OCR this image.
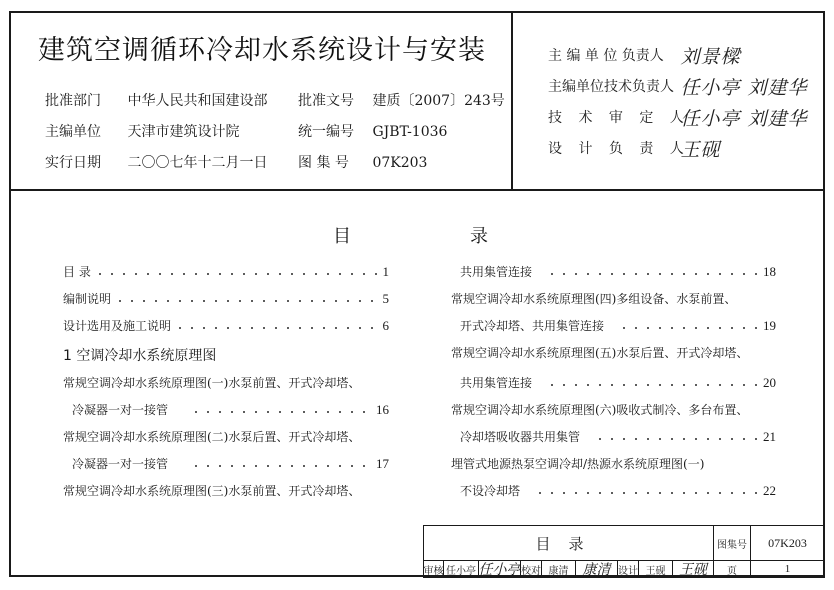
建筑空调循环冷却水系统设计与安装
批准部门 中华人民共和国建设部
主编单位 天津市建筑设计院
实行日期 二〇〇七年十二月一日
批准文号 建质〔2007〕243号
统一编号 GJBT-1036
图 集 号 07K203
主 编 单 位 负责人 刘景樑
主编单位技术负责人 任小亭 刘建华
技 术 审 定 人 任小亭 刘建华
设 计 负 责 人 王砚
目	录
目 录	1
编制说明	5
设计选用及施工说明	6
1 空调冷却水系统原理图
常规空调冷却水系统原理图(一)水泵前置、开式冷却塔、
冷凝器一对一接管	16
常规空调冷却水系统原理图(二)水泵后置、开式冷却塔、
冷凝器一对一接管	17
常规空调冷却水系统原理图(三)水泵前置、开式冷却塔、
共用集管连接	18
常规空调冷却水系统原理图(四)多组设备、水泵前置、
开式冷却塔、共用集管连接	19
常规空调冷却水系统原理图(五)水泵后置、开式冷却塔、
共用集管连接	20
常规空调冷却水系统原理图(六)吸收式制冷、多台布置、
冷却塔吸收器共用集管	21
埋管式地源热泵空调冷却/热源水系统原理图(一)
不设冷却塔	22
目录	图集号 07K203
审核 任小亭 任小亭 校对 康清 康清 设计 王砚 王砚 页	1
